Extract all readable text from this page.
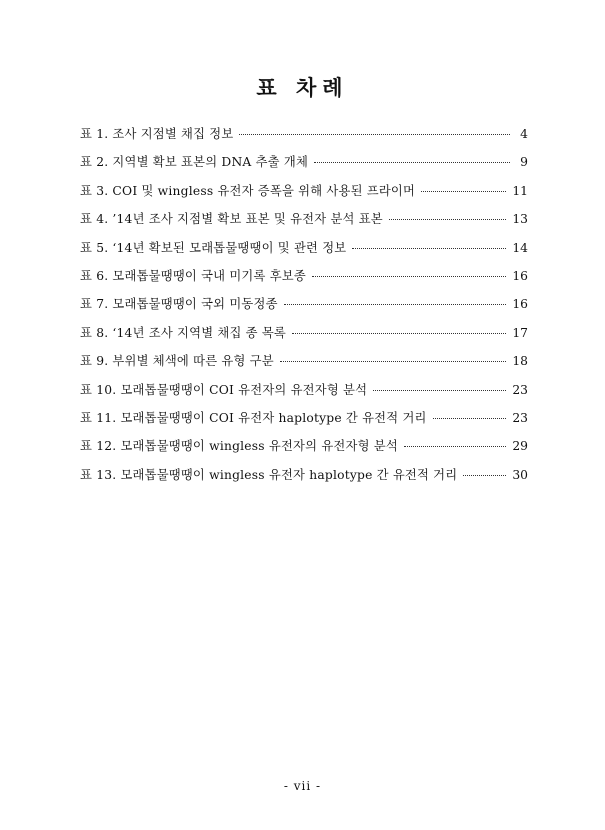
표 차례
표 1. 조사 지점별 채집 정보	4
표 2. 지역별 확보 표본의 DNA 추출 개체	9
표 3. COI 및 wingless 유전자 증폭을 위해 사용된 프라이머	11
표 4. ’14년 조사 지점별 확보 표본 및 유전자 분석 표본	13
표 5. ‘14년 확보된 모래톱물땡땡이 및 관련 정보	14
표 6. 모래톱물땡땡이 국내 미기록 후보종	16
표 7. 모래톱물땡땡이 국외 미동정종	16
표 8. ‘14년 조사 지역별 채집 종 목록	17
표 9. 부위별 체색에 따른 유형 구분	18
표 10. 모래톱물땡땡이 COI 유전자의 유전자형 분석	23
표 11. 모래톱물땡땡이 COI 유전자 haplotype 간 유전적 거리	23
표 12. 모래톱물땡땡이 wingless 유전자의 유전자형 분석	29
표 13. 모래톱물땡땡이 wingless 유전자 haplotype 간 유전적 거리	30
- vii -
